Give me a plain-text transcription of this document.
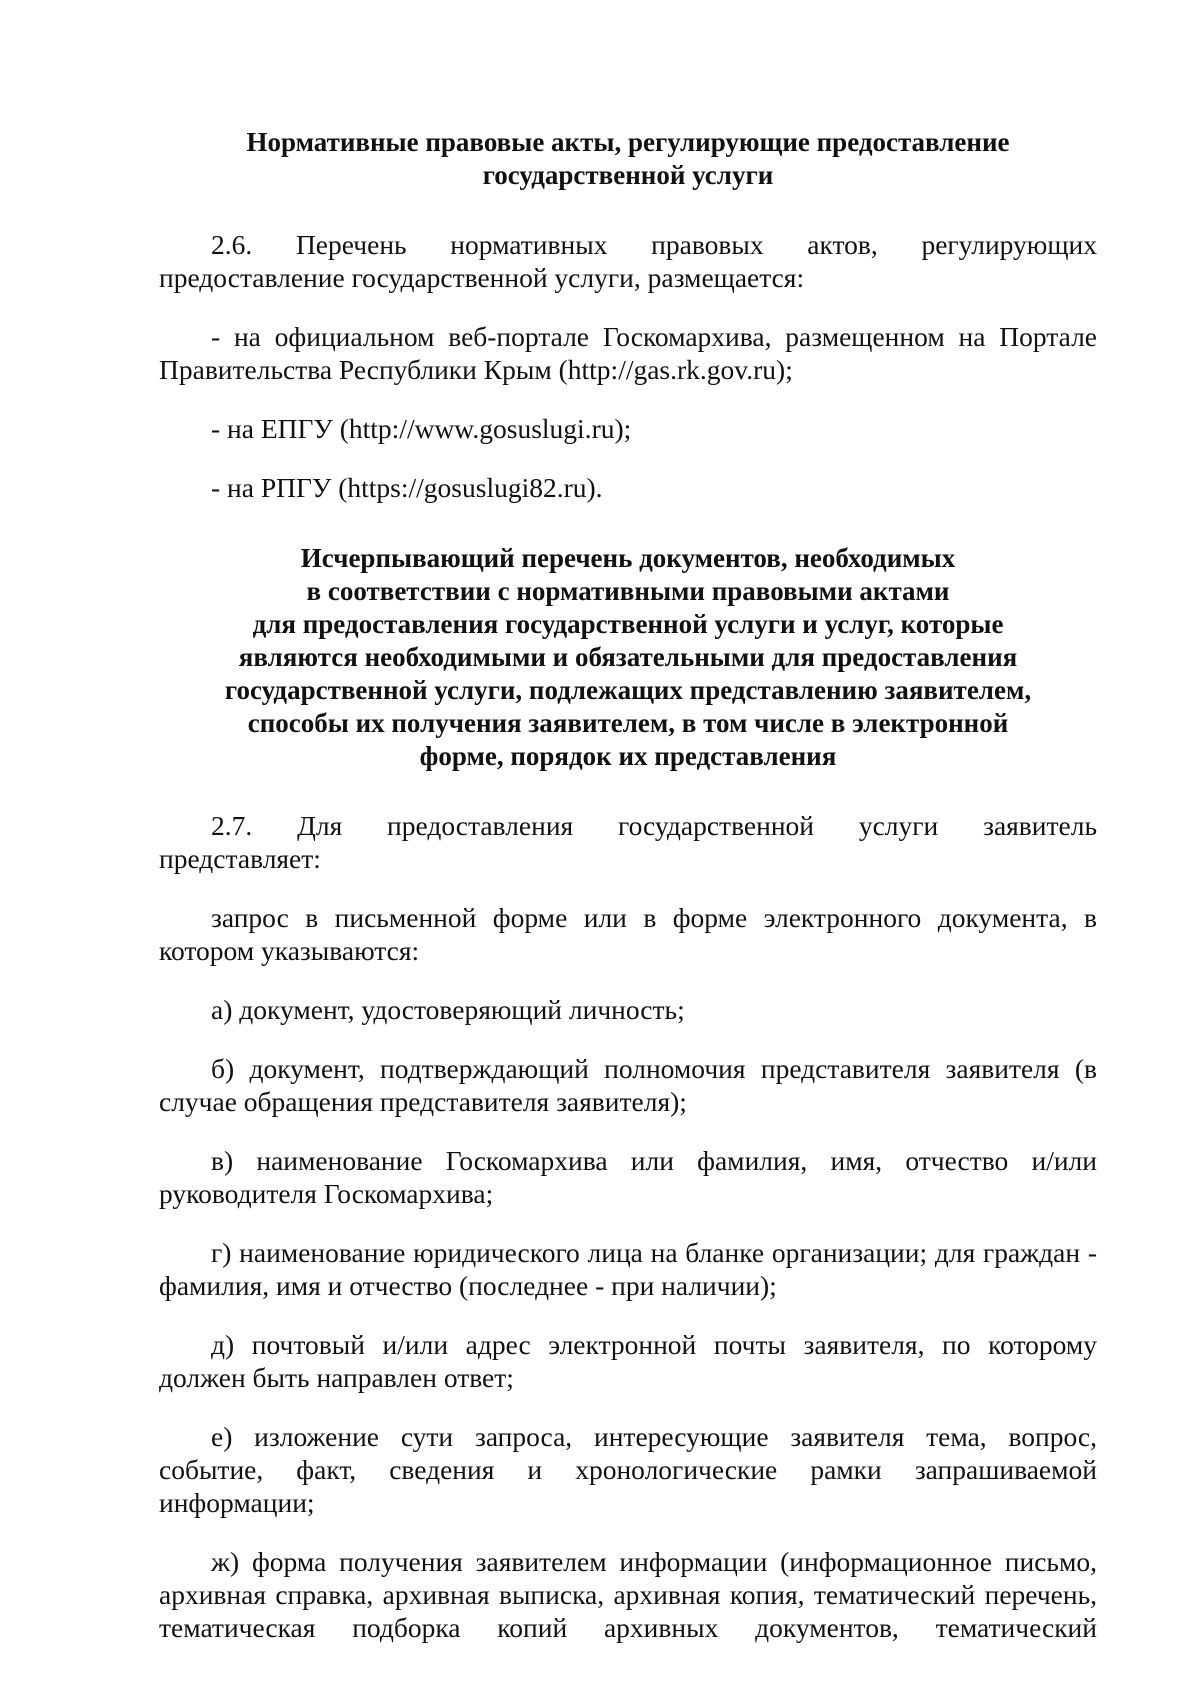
Нормативные правовые акты, регулирующие предоставление
государственной услуги

2.6. Перечень нормативных правовых актов, регулирующих

предоставление государственной услуги, размещается:

- на официальном веб-портале Госкомархива, размещенном на Портале Правительства Республики Крым (http://gas.rk.gov.ru);

- на ЕПГУ (http://www.gosuslugi.ru);

- на РПГУ (https://gosuslugi82.ru).

Исчерпывающий перечень документов, необходимых
в соответствии с нормативными правовыми актами
для предоставления государственной услуги и услуг, которые
являются необходимыми и обязательными для предоставления
государственной услуги, подлежащих представлению заявителем,
способы их получения заявителем, в том числе в электронной
форме, порядок их представления

2.7. Для предоставления государственной услуги заявитель

представляет:

запрос в письменной форме или в форме электронного документа, в котором указываются:

а) документ, удостоверяющий личность;

б) документ, подтверждающий полномочия представителя заявителя (в случае обращения представителя заявителя);

в) наименование Госкомархива или фамилия, имя, отчество и/или руководителя Госкомархива;

г) наименование юридического лица на бланке организации; для граждан - фамилия, имя и отчество (последнее - при наличии);

д) почтовый и/или адрес электронной почты заявителя, по которому должен быть направлен ответ;

е) изложение сути запроса, интересующие заявителя тема, вопрос, событие, факт, сведения и хронологические рамки запрашиваемой информации;

ж) форма получения заявителем информации (информационное письмо, архивная справка, архивная выписка, архивная копия, тематический перечень, тематическая подборка копий архивных документов, тематический
